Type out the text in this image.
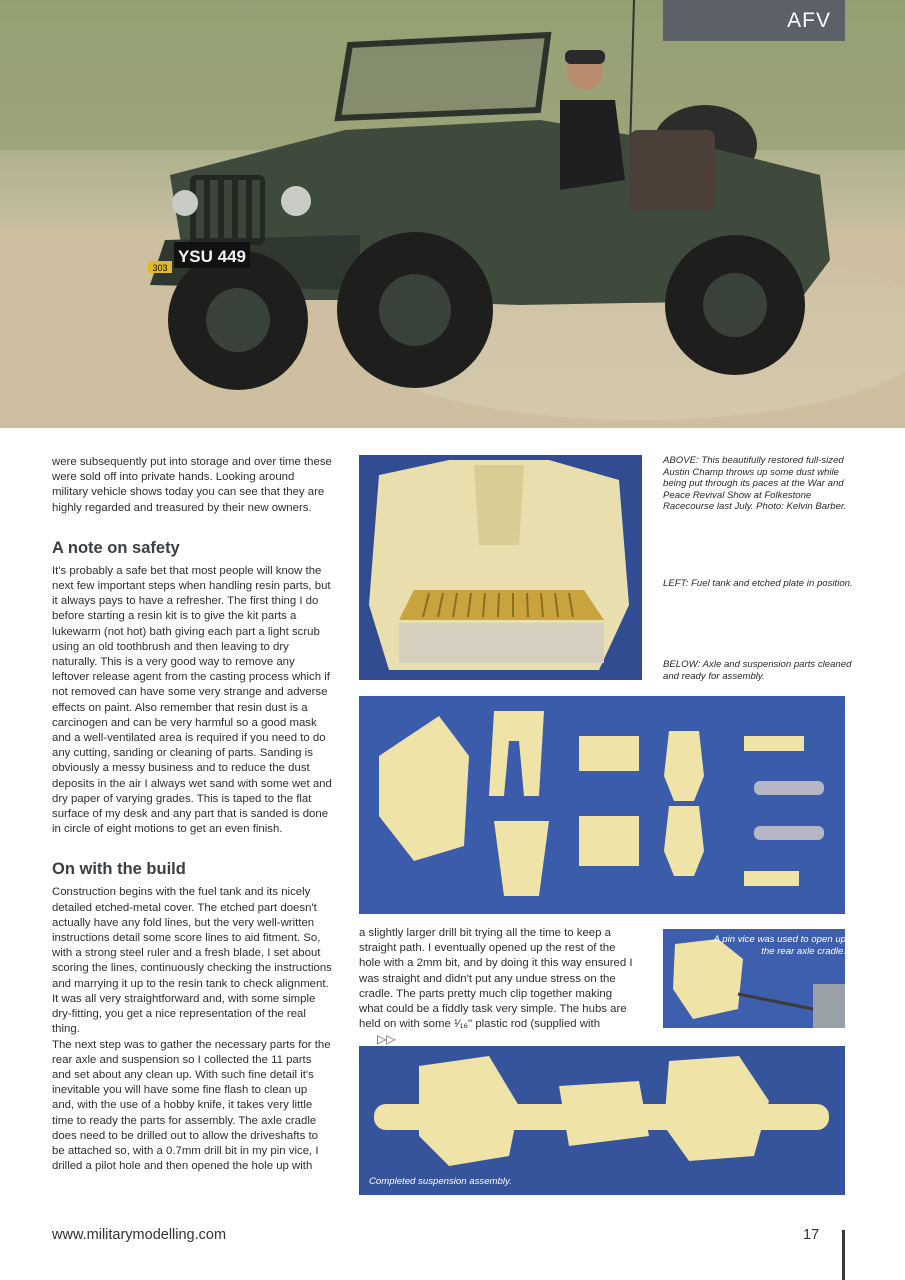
YSU 449
303
AFV

were subsequently put into storage and over time these were sold off into private hands. Looking around military vehicle shows today you can see that they are highly regarded and treasured by their new owners.

A note on safety

It's probably a safe bet that most people will know the next few important steps when handling resin parts, but it always pays to have a refresher. The first thing I do before starting a resin kit is to give the kit parts a lukewarm (not hot) bath giving each part a light scrub using an old toothbrush and then leaving to dry naturally. This is a very good way to remove any leftover release agent from the casting process which if not removed can have some very strange and adverse effects on paint. Also remember that resin dust is a carcinogen and can be very harmful so a good mask and a well-ventilated area is required if you need to do any cutting, sanding or cleaning of parts. Sanding is obviously a messy business and to reduce the dust deposits in the air I always wet sand with some wet and dry paper of varying grades. This is taped to the flat surface of my desk and any part that is sanded is done in circle of eight motions to get an even finish.

On with the build

Construction begins with the fuel tank and its nicely detailed etched-metal cover. The etched part doesn't actually have any fold lines, but the very well-written instructions detail some score lines to aid fitment. So, with a strong steel ruler and a fresh blade, I set about scoring the lines, continuously checking the instructions and marrying it up to the resin tank to check alignment. It was all very straightforward and, with some simple dry-fitting, you get a nice representation of the real thing.

The next step was to gather the necessary parts for the rear axle and suspension so I collected the 11 parts and set about any clean up. With such fine detail it's inevitable you will have some fine flash to clean up and, with the use of a hobby knife, it takes very little time to ready the parts for assembly. The axle cradle does need to be drilled out to allow the driveshafts to be attached so, with a 0.7mm drill bit in my pin vice, I drilled a pilot hole and then opened the hole up with

ABOVE: This beautifully restored full-sized Austin Champ throws up some dust while being put through its paces at the War and Peace Revival Show at Folkestone Racecourse last July. Photo: Kelvin Barber.
LEFT: Fuel tank and etched plate in position.
BELOW: Axle and suspension parts cleaned and ready for assembly.

a slightly larger drill bit trying all the time to keep a straight path. I eventually opened up the rest of the hole with a 2mm bit, and by doing it this way ensured I was straight and didn't put any undue stress on the cradle. The parts pretty much clip together making what could be a fiddly task very simple. The hubs are held on with some ¹⁄₁₆" plastic rod (supplied with▷▷

A pin vice was used to open up the rear axle cradle.
Completed suspension assembly.
www.militarymodelling.com	17
